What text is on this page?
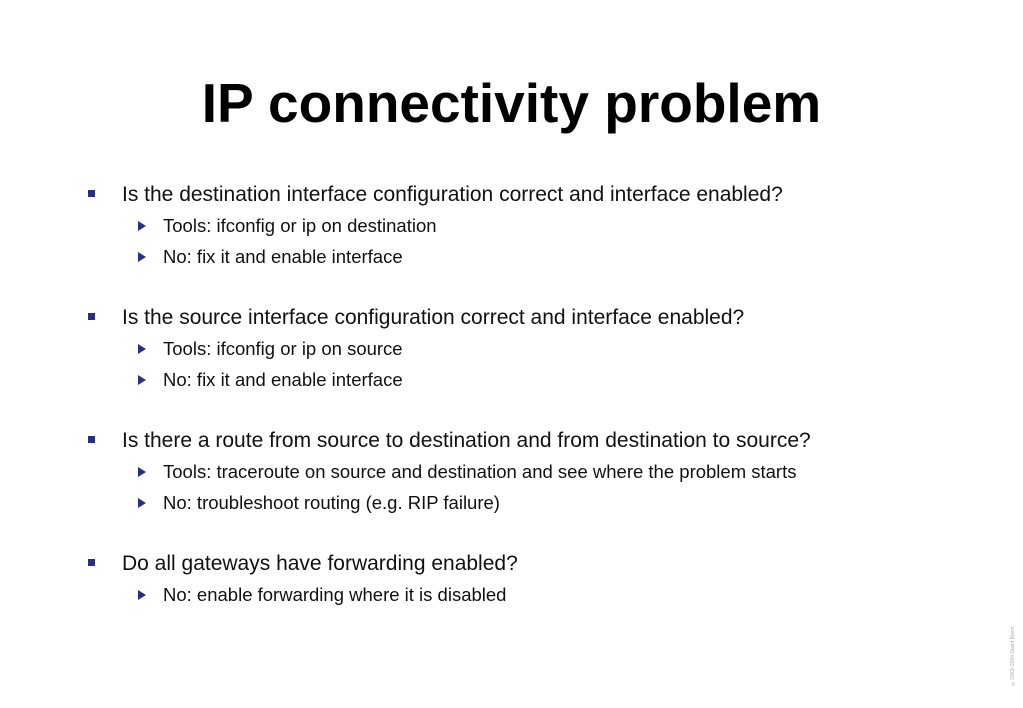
IP connectivity problem
Is the destination interface configuration correct and interface enabled?
Tools: ifconfig or ip on destination
No: fix it and enable interface
Is the source interface configuration correct and interface enabled?
Tools: ifconfig or ip on source
No: fix it and enable interface
Is there a route from source to destination and from destination to source?
Tools: traceroute on source and destination and see where the problem starts
No: troubleshoot routing (e.g. RIP failure)
Do all gateways have forwarding enabled?
No: enable forwarding where it is disabled
©2003–2004 David Byers
